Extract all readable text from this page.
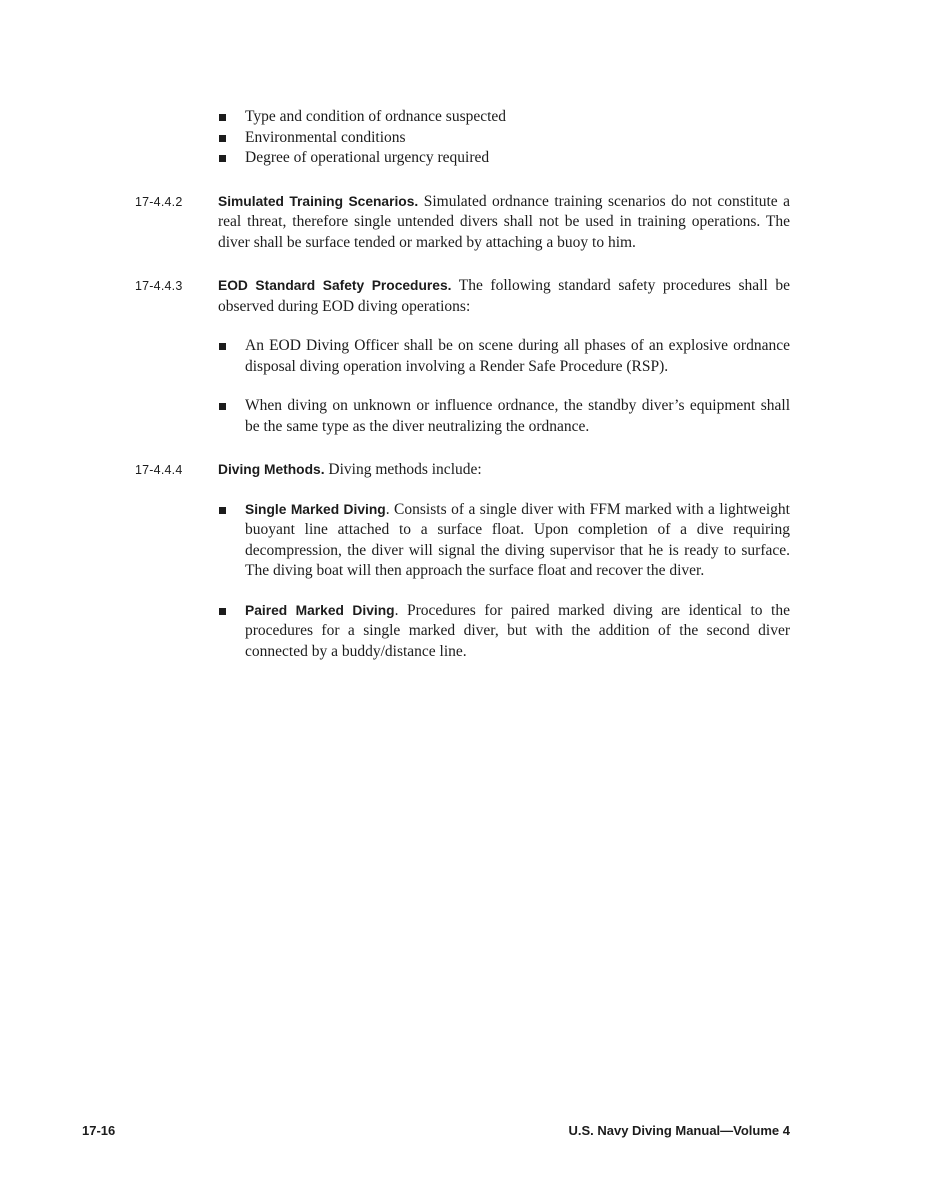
Type and condition of ordnance suspected
Environmental conditions
Degree of operational urgency required
17-4.4.2	Simulated Training Scenarios. Simulated ordnance training scenarios do not constitute a real threat, therefore single untended divers shall not be used in training operations. The diver shall be surface tended or marked by attaching a buoy to him.
17-4.4.3	EOD Standard Safety Procedures. The following standard safety procedures shall be observed during EOD diving operations:
An EOD Diving Officer shall be on scene during all phases of an explosive ordnance disposal diving operation involving a Render Safe Procedure (RSP).
When diving on unknown or influence ordnance, the standby diver’s equipment shall be the same type as the diver neutralizing the ordnance.
17-4.4.4	Diving Methods. Diving methods include:
Single Marked Diving. Consists of a single diver with FFM marked with a lightweight buoyant line attached to a surface float. Upon completion of a dive requiring decompression, the diver will signal the diving supervisor that he is ready to surface. The diving boat will then approach the surface float and recover the diver.
Paired Marked Diving. Procedures for paired marked diving are identical to the procedures for a single marked diver, but with the addition of the second diver connected by a buddy/distance line.
17-16	U.S. Navy Diving Manual—Volume 4
